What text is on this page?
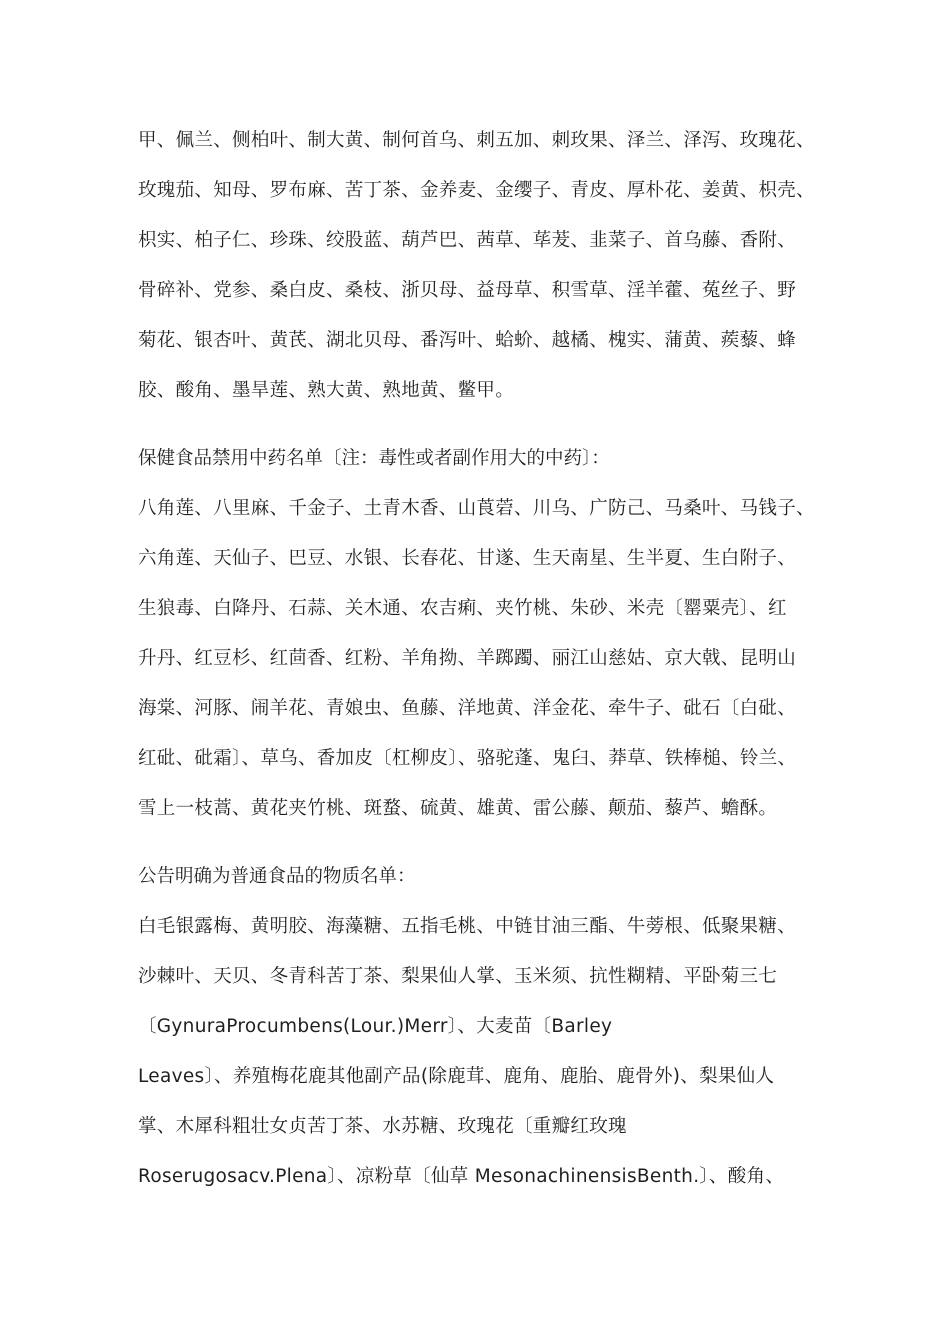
甲、佩兰、侧柏叶、制大黄、制何首乌、刺五加、刺玫果、泽兰、泽泻、玫瑰花、
玫瑰茄、知母、罗布麻、苦丁茶、金养麦、金缨子、青皮、厚朴花、姜黄、枳壳、
枳实、柏子仁、珍珠、绞股蓝、葫芦巴、茜草、荜茇、韭菜子、首乌藤、香附、
骨碎补、党参、桑白皮、桑枝、浙贝母、益母草、积雪草、淫羊藿、菟丝子、野
菊花、银杏叶、黄芪、湖北贝母、番泻叶、蛤蚧、越橘、槐实、蒲黄、蒺藜、蜂
胶、酸角、墨旱莲、熟大黄、熟地黄、鳖甲。
保健食品禁用中药名单〔注：毒性或者副作用大的中药〕：
八角莲、八里麻、千金子、土青木香、山莨菪、川乌、广防己、马桑叶、马钱子、
六角莲、天仙子、巴豆、水银、长春花、甘遂、生天南星、生半夏、生白附子、
生狼毒、白降丹、石蒜、关木通、农吉痢、夹竹桃、朱砂、米壳〔罂粟壳〕、红
升丹、红豆杉、红茴香、红粉、羊角拗、羊踯躅、丽江山慈姑、京大戟、昆明山
海棠、河豚、闹羊花、青娘虫、鱼藤、洋地黄、洋金花、牵牛子、砒石〔白砒、
红砒、砒霜〕、草乌、香加皮〔杠柳皮〕、骆驼蓬、鬼臼、莽草、铁棒槌、铃兰、
雪上一枝蒿、黄花夹竹桃、斑蝥、硫黄、雄黄、雷公藤、颠茄、藜芦、蟾酥。
公告明确为普通食品的物质名单：
白毛银露梅、黄明胶、海藻糖、五指毛桃、中链甘油三酯、牛蒡根、低聚果糖、
沙棘叶、天贝、冬青科苦丁茶、梨果仙人掌、玉米须、抗性糊精、平卧菊三七
〔GynuraProcumbens(Lour.)Merr〕、大麦苗〔Barley
Leaves〕、养殖梅花鹿其他副产品(除鹿茸、鹿角、鹿胎、鹿骨外)、梨果仙人
掌、木犀科粗壮女贞苦丁茶、水苏糖、玫瑰花〔重瓣红玫瑰
Roserugosacv.Plena〕、凉粉草〔仙草 MesonachinensisBenth.〕、酸角、
